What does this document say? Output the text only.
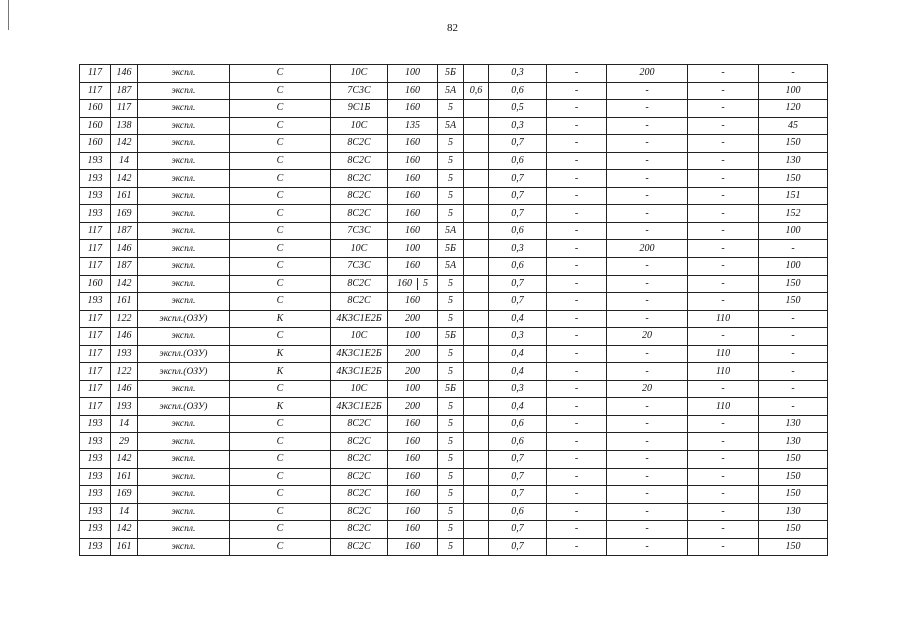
82
117	146	экспл.	С	10С	100	5Б		0,3	-	200	-	-
117	187	экспл.	С	7С3С	160	5А	0,6	0,6	-	-	-	100
160	117	экспл.	С	9С1Б	160	5		0,5	-	-	-	120
160	138	экспл.	С	10С	135	5А		0,3	-	-	-	45
160	142	экспл.	С	8С2С	160	5		0,7	-	-	-	150
193	14	экспл.	С	8С2С	160	5		0,6	-	-	-	130
193	142	экспл.	С	8С2С	160	5		0,7	-	-	-	150
193	161	экспл.	С	8С2С	160	5		0,7	-	-	-	151
193	169	экспл.	С	8С2С	160	5		0,7	-	-	-	152
117	187	экспл.	С	7С3С	160	5А		0,6	-	-	-	100
117	146	экспл.	С	10С	100	5Б		0,3	-	200	-	-
117	187	экспл.	С	7С3С	160	5А		0,6	-	-	-	100
160	142	экспл.	С	8С2С	160 5	5		0,7	-	-	-	150
193	161	экспл.	С	8С2С	160	5		0,7	-	-	-	150
117	122	экспл.(ОЗУ)	К	4К3С1Е2Б	200	5		0,4	-	-	110	-
117	146	экспл.	С	10С	100	5Б		0,3	-	20	-	-
117	193	экспл.(ОЗУ)	К	4К3С1Е2Б	200	5		0,4	-	-	110	-
117	122	экспл.(ОЗУ)	К	4К3С1Е2Б	200	5		0,4	-	-	110	-
117	146	экспл.	С	10С	100	5Б		0,3	-	20	-	-
117	193	экспл.(ОЗУ)	К	4К3С1Е2Б	200	5		0,4	-	-	110	-
193	14	экспл.	С	8С2С	160	5		0,6	-	-	-	130
193	29	экспл.	С	8С2С	160	5		0,6	-	-	-	130
193	142	экспл.	С	8С2С	160	5		0,7	-	-	-	150
193	161	экспл.	С	8С2С	160	5		0,7	-	-	-	150
193	169	экспл.	С	8С2С	160	5		0,7	-	-	-	150
193	14	экспл.	С	8С2С	160	5		0,6	-	-	-	130
193	142	экспл.	С	8С2С	160	5		0,7	-	-	-	150
193	161	экспл.	С	8С2С	160	5		0,7	-	-	-	150
